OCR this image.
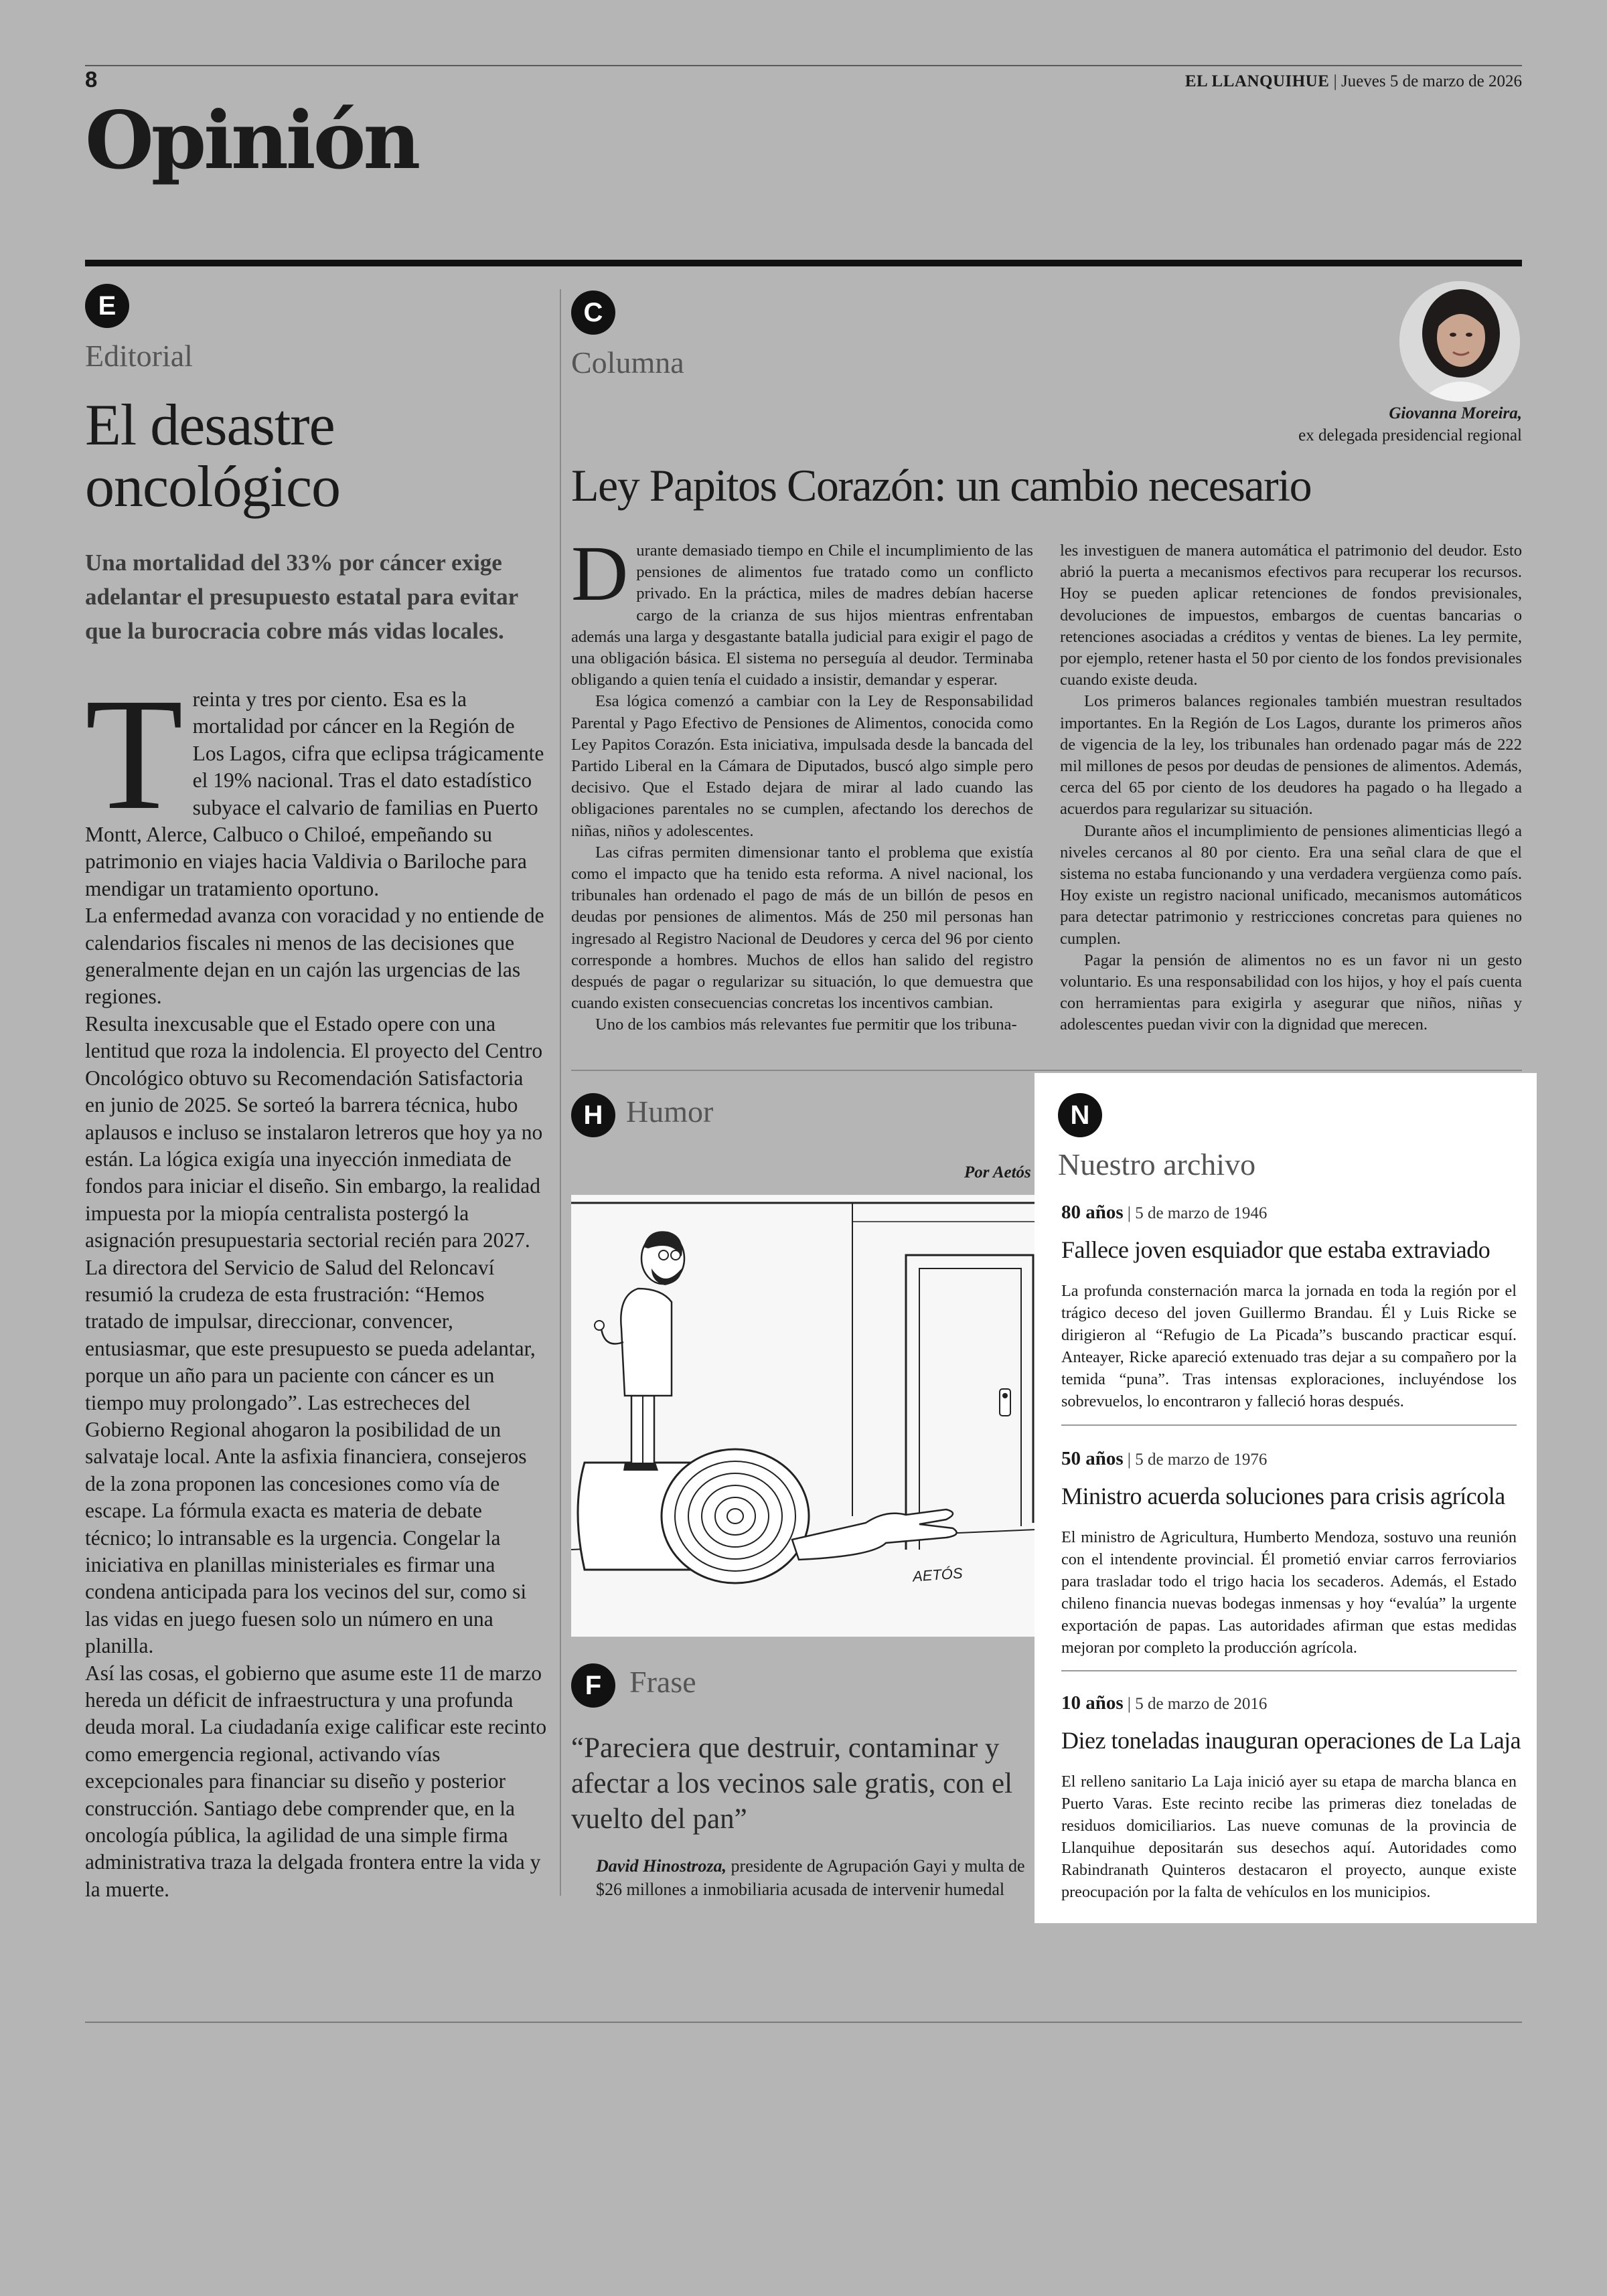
8	EL LLANQUIHUE | Jueves 5 de marzo de 2026
Opinión
E
Editorial
El desastre
oncológico
Una mortalidad del 33% por cáncer exige adelantar el presupuesto estatal para evitar que la burocracia cobre más vidas locales.

Treinta y tres por ciento. Esa es la mortalidad por cáncer en la Región de Los Lagos, cifra que eclipsa trágicamente el 19% nacional. Tras el dato estadístico subyace el calvario de familias en Puerto Montt, Alerce, Calbuco o Chiloé, empeñando su patrimonio en viajes hacia Valdivia o Bariloche para mendigar un tratamiento oportuno.

La enfermedad avanza con voracidad y no entiende de calendarios fiscales ni menos de las decisiones que generalmente dejan en un cajón las urgencias de las regiones.

Resulta inexcusable que el Estado opere con una lentitud que roza la indolencia. El proyecto del Centro Oncológico obtuvo su Recomendación Satisfactoria en junio de 2025. Se sorteó la barrera técnica, hubo aplausos e incluso se instalaron letreros que hoy ya no están. La lógica exigía una inyección inmediata de fondos para iniciar el diseño. Sin embargo, la realidad impuesta por la miopía centralista postergó la asignación presupuestaria sectorial recién para 2027.

La directora del Servicio de Salud del Reloncaví resumió la crudeza de esta frustración: “Hemos tratado de impulsar, direccionar, convencer, entusiasmar, que este presupuesto se pueda adelantar, porque un año para un paciente con cáncer es un tiempo muy prolongado”. Las estrecheces del Gobierno Regional ahogaron la posibilidad de un salvataje local. Ante la asfixia financiera, consejeros de la zona proponen las concesiones como vía de escape. La fórmula exacta es materia de debate técnico; lo intransable es la urgencia. Congelar la iniciativa en planillas ministeriales es firmar una condena anticipada para los vecinos del sur, como si las vidas en juego fuesen solo un número en una planilla.

Así las cosas, el gobierno que asume este 11 de marzo hereda un déficit de infraestructura y una profunda deuda moral. La ciudadanía exige calificar este recinto como emergencia regional, activando vías excepcionales para financiar su diseño y posterior construcción. Santiago debe comprender que, en la oncología pública, la agilidad de una simple firma administrativa traza la delgada frontera entre la vida y la muerte.

C
Columna
Giovanna Moreira,
ex delegada presidencial regional
Ley Papitos Corazón: un cambio necesario

Durante demasiado tiempo en Chile el incumplimiento de las pensiones de alimentos fue tratado como un conflicto privado. En la práctica, miles de madres debían hacerse cargo de la crianza de sus hijos mientras enfrentaban además una larga y desgastante batalla judicial para exigir el pago de una obligación básica. El sistema no perseguía al deudor. Terminaba obligando a quien tenía el cuidado a insistir, demandar y esperar.

Esa lógica comenzó a cambiar con la Ley de Responsabilidad Parental y Pago Efectivo de Pensiones de Alimentos, conocida como Ley Papitos Corazón. Esta iniciativa, impulsada desde la bancada del Partido Liberal en la Cámara de Diputados, buscó algo simple pero decisivo. Que el Estado dejara de mirar al lado cuando las obligaciones parentales no se cumplen, afectando los derechos de niñas, niños y adolescentes.

Las cifras permiten dimensionar tanto el problema que existía como el impacto que ha tenido esta reforma. A nivel nacional, los tribunales han ordenado el pago de más de un billón de pesos en deudas por pensiones de alimentos. Más de 250 mil personas han ingresado al Registro Nacional de Deudores y cerca del 96 por ciento corresponde a hombres. Muchos de ellos han salido del registro después de pagar o regularizar su situación, lo que demuestra que cuando existen consecuencias concretas los incentivos cambian.

Uno de los cambios más relevantes fue permitir que los tribuna-

les investiguen de manera automática el patrimonio del deudor. Esto abrió la puerta a mecanismos efectivos para recuperar los recursos. Hoy se pueden aplicar retenciones de fondos previsionales, devoluciones de impuestos, embargos de cuentas bancarias o retenciones asociadas a créditos y ventas de bienes. La ley permite, por ejemplo, retener hasta el 50 por ciento de los fondos previsionales cuando existe deuda.

Los primeros balances regionales también muestran resultados importantes. En la Región de Los Lagos, durante los primeros años de vigencia de la ley, los tribunales han ordenado pagar más de 222 mil millones de pesos por deudas de pensiones de alimentos. Además, cerca del 65 por ciento de los deudores ha pagado o ha llegado a acuerdos para regularizar su situación.

Durante años el incumplimiento de pensiones alimenticias llegó a niveles cercanos al 80 por ciento. Era una señal clara de que el sistema no estaba funcionando y una verdadera vergüenza como país. Hoy existe un registro nacional unificado, mecanismos automáticos para detectar patrimonio y restricciones concretas para quienes no cumplen.

Pagar la pensión de alimentos no es un favor ni un gesto voluntario. Es una responsabilidad con los hijos, y hoy el país cuenta con herramientas para exigirla y asegurar que niños, niñas y adolescentes puedan vivir con la dignidad que merecen.

H Humor
Por Aetós
AETÓS
F Frase
“Pareciera que destruir, contaminar y afectar a los vecinos sale gratis, con el vuelto del pan”
David Hinostroza, presidente de Agrupación Gayi y multa de $26 millones a inmobiliaria acusada de intervenir humedal
N
Nuestro archivo
80 años | 5 de marzo de 1946
Fallece joven esquiador que estaba extraviado
La profunda consternación marca la jornada en toda la región por el trágico deceso del joven Guillermo Brandau. Él y Luis Ricke se dirigieron al “Refugio de La Picada”s buscando practicar esquí. Anteayer, Ricke apareció extenuado tras dejar a su compañero por la temida “puna”. Tras intensas exploraciones, incluyéndose los sobrevuelos, lo encontraron y falleció horas después.
50 años | 5 de marzo de 1976
Ministro acuerda soluciones para crisis agrícola
El ministro de Agricultura, Humberto Mendoza, sostuvo una reunión con el intendente provincial. Él prometió enviar carros ferroviarios para trasladar todo el trigo hacia los secaderos. Además, el Estado chileno financia nuevas bodegas inmensas y hoy “evalúa” la urgente exportación de papas. Las autoridades afirman que estas medidas mejoran por completo la producción agrícola.
10 años | 5 de marzo de 2016
Diez toneladas inauguran operaciones de La Laja
El relleno sanitario La Laja inició ayer su etapa de marcha blanca en Puerto Varas. Este recinto recibe las primeras diez toneladas de residuos domiciliarios. Las nueve comunas de la provincia de Llanquihue depositarán sus desechos aquí. Autoridades como Rabindranath Quinteros destacaron el proyecto, aunque existe preocupación por la falta de vehículos en los municipios.
